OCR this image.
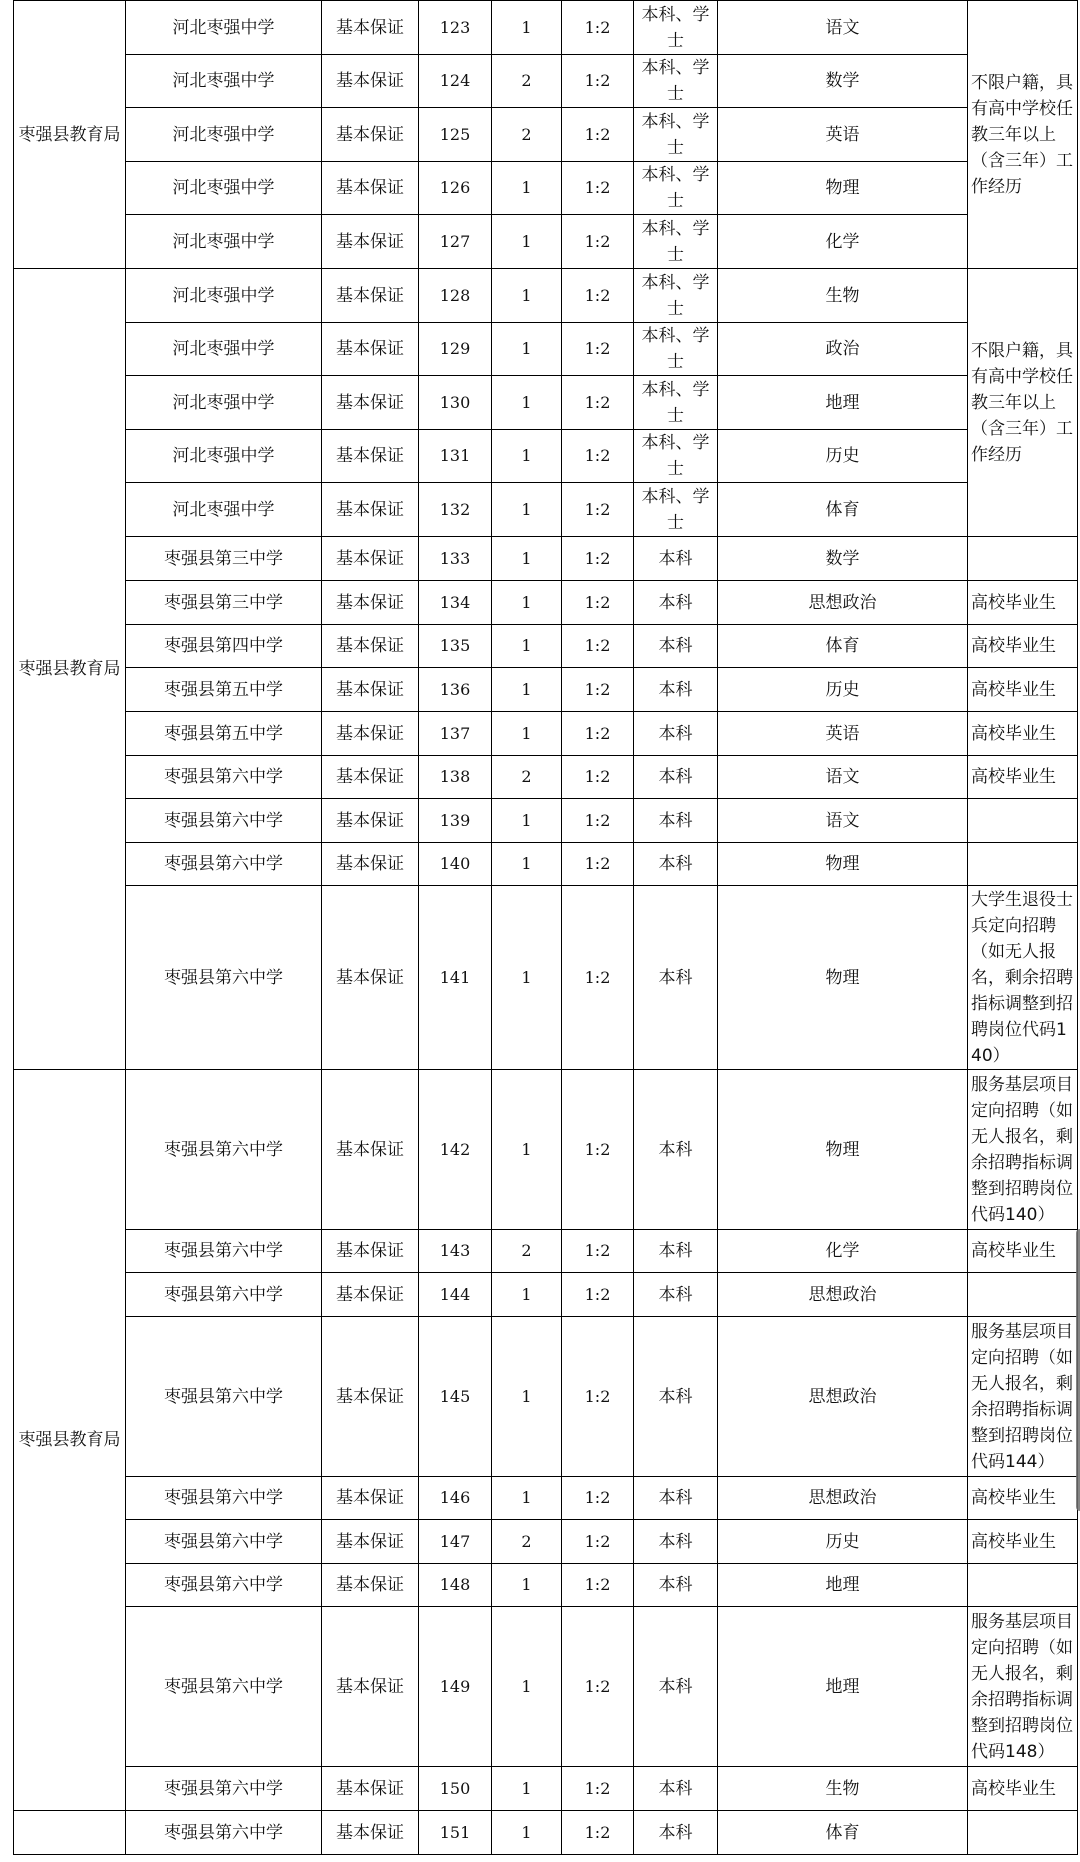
枣强县教育局	河北枣强中学	基本保证	123	1	1:2	本科、学士	语文	不限户籍，具有高中学校任教三年以上（含三年）工作经历
	河北枣强中学	基本保证	124	2	1:2	本科、学士	数学	
	河北枣强中学	基本保证	125	2	1:2	本科、学士	英语	
	河北枣强中学	基本保证	126	1	1:2	本科、学士	物理	
	河北枣强中学	基本保证	127	1	1:2	本科、学士	化学	
枣强县教育局	河北枣强中学	基本保证	128	1	1:2	本科、学士	生物	不限户籍，具有高中学校任教三年以上（含三年）工作经历
	河北枣强中学	基本保证	129	1	1:2	本科、学士	政治	
	河北枣强中学	基本保证	130	1	1:2	本科、学士	地理	
	河北枣强中学	基本保证	131	1	1:2	本科、学士	历史	
	河北枣强中学	基本保证	132	1	1:2	本科、学士	体育	
	枣强县第三中学	基本保证	133	1	1:2	本科	数学	
	枣强县第三中学	基本保证	134	1	1:2	本科	思想政治	高校毕业生
	枣强县第四中学	基本保证	135	1	1:2	本科	体育	高校毕业生
	枣强县第五中学	基本保证	136	1	1:2	本科	历史	高校毕业生
	枣强县第五中学	基本保证	137	1	1:2	本科	英语	高校毕业生
	枣强县第六中学	基本保证	138	2	1:2	本科	语文	高校毕业生
	枣强县第六中学	基本保证	139	1	1:2	本科	语文	
	枣强县第六中学	基本保证	140	1	1:2	本科	物理	
	枣强县第六中学	基本保证	141	1	1:2	本科	物理	大学生退役士兵定向招聘（如无人报名，剩余招聘指标调整到招聘岗位代码140）
枣强县教育局	枣强县第六中学	基本保证	142	1	1:2	本科	物理	服务基层项目定向招聘（如无人报名，剩余招聘指标调整到招聘岗位代码140）
	枣强县第六中学	基本保证	143	2	1:2	本科	化学	高校毕业生
	枣强县第六中学	基本保证	144	1	1:2	本科	思想政治	
	枣强县第六中学	基本保证	145	1	1:2	本科	思想政治	服务基层项目定向招聘（如无人报名，剩余招聘指标调整到招聘岗位代码144）
	枣强县第六中学	基本保证	146	1	1:2	本科	思想政治	高校毕业生
	枣强县第六中学	基本保证	147	2	1:2	本科	历史	高校毕业生
	枣强县第六中学	基本保证	148	1	1:2	本科	地理	
	枣强县第六中学	基本保证	149	1	1:2	本科	地理	服务基层项目定向招聘（如无人报名，剩余招聘指标调整到招聘岗位代码148）
	枣强县第六中学	基本保证	150	1	1:2	本科	生物	高校毕业生
	枣强县第六中学	基本保证	151	1	1:2	本科	体育	
